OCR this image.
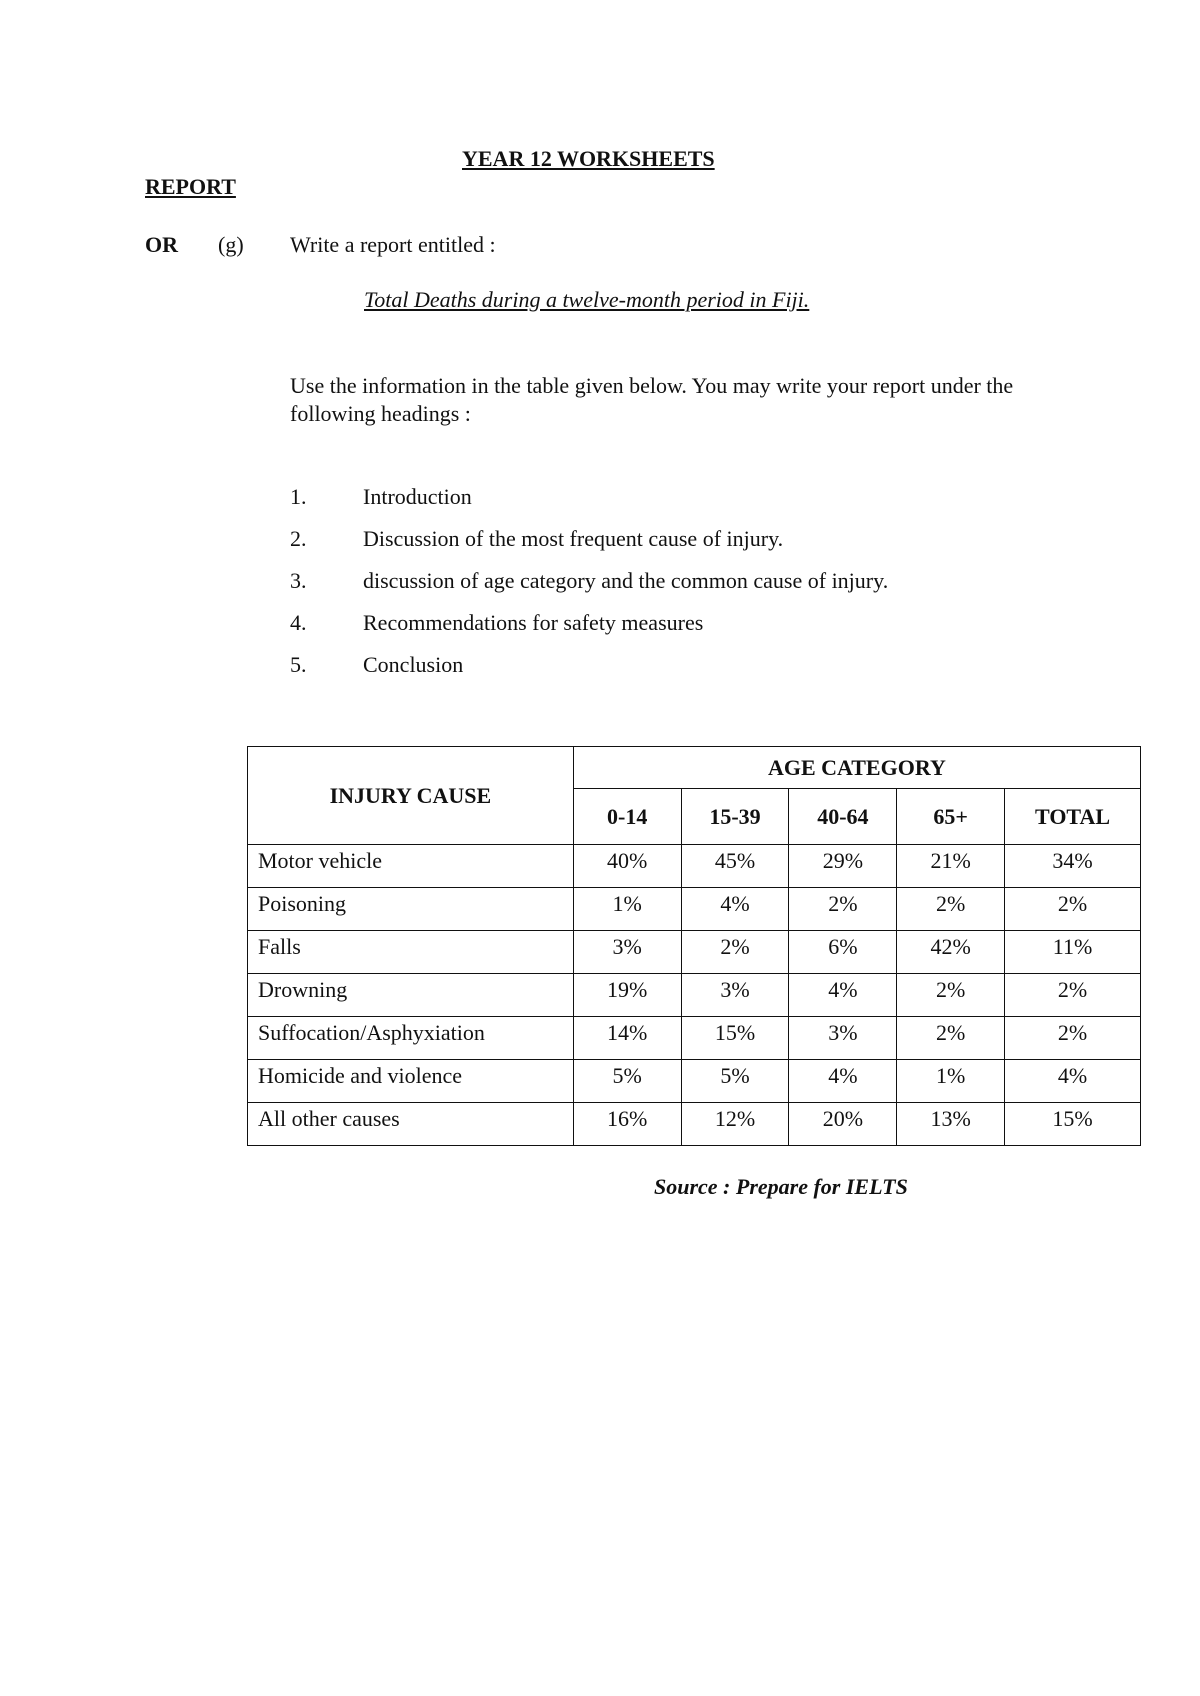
YEAR 12 WORKSHEETS
REPORT
OR (g) Write a report entitled :
Total Deaths during a twelve-month period in Fiji.
Use the information in the table given below. You may write your report under the following headings :
1.	Introduction
2.	Discussion of the most frequent cause of injury.
3.	discussion of age category and the common cause of injury.
4.	Recommendations for safety measures
5.	Conclusion
INJURY CAUSE	AGE CATEGORY				
	0-14	15-39	40-64	65+	TOTAL
Motor vehicle	40%	45%	29%	21%	34%
Poisoning	1%	4%	2%	2%	2%
Falls	3%	2%	6%	42%	11%
Drowning	19%	3%	4%	2%	2%
Suffocation/Asphyxiation	14%	15%	3%	2%	2%
Homicide and violence	5%	5%	4%	1%	4%
All other causes	16%	12%	20%	13%	15%
Source : Prepare for IELTS
